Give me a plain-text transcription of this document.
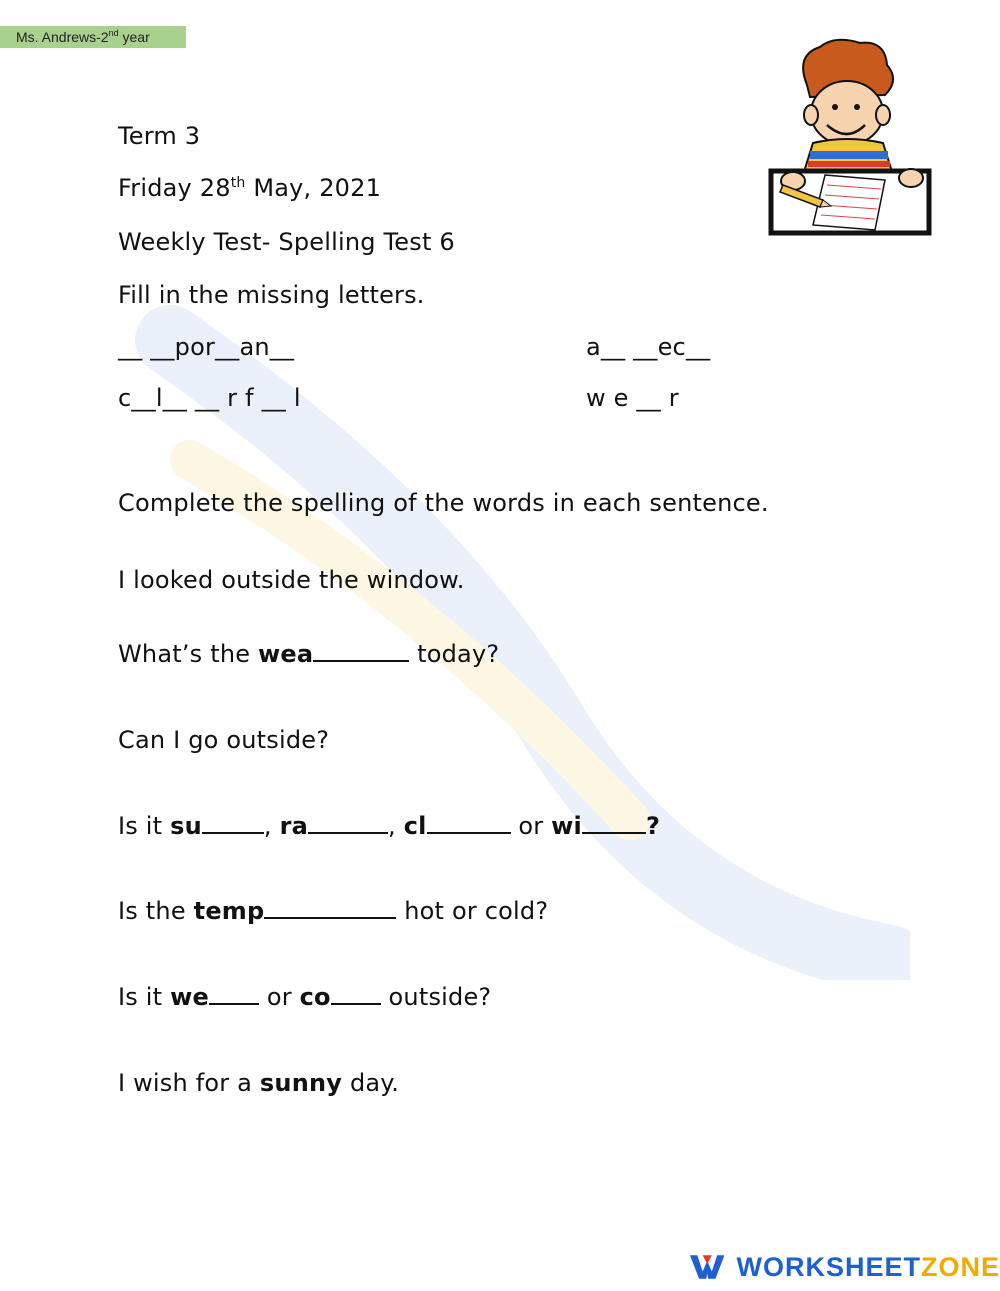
Ms. Andrews-2nd year
Term 3
Friday 28th May, 2021
Weekly Test- Spelling Test 6
Fill in the missing letters.
__ __por__an__	a__ __ec__
c__l__ __ r f __ l	w e __ r
Complete the spelling of the words in each sentence.
I looked outside the window.
What’s the wea	today?
Can I go outside?
Is it su	, ra	, cl	or wi	?
Is the temp	hot or cold?
Is it we or co outside?
I wish for a sunny day.
WORKSHEETZONE
